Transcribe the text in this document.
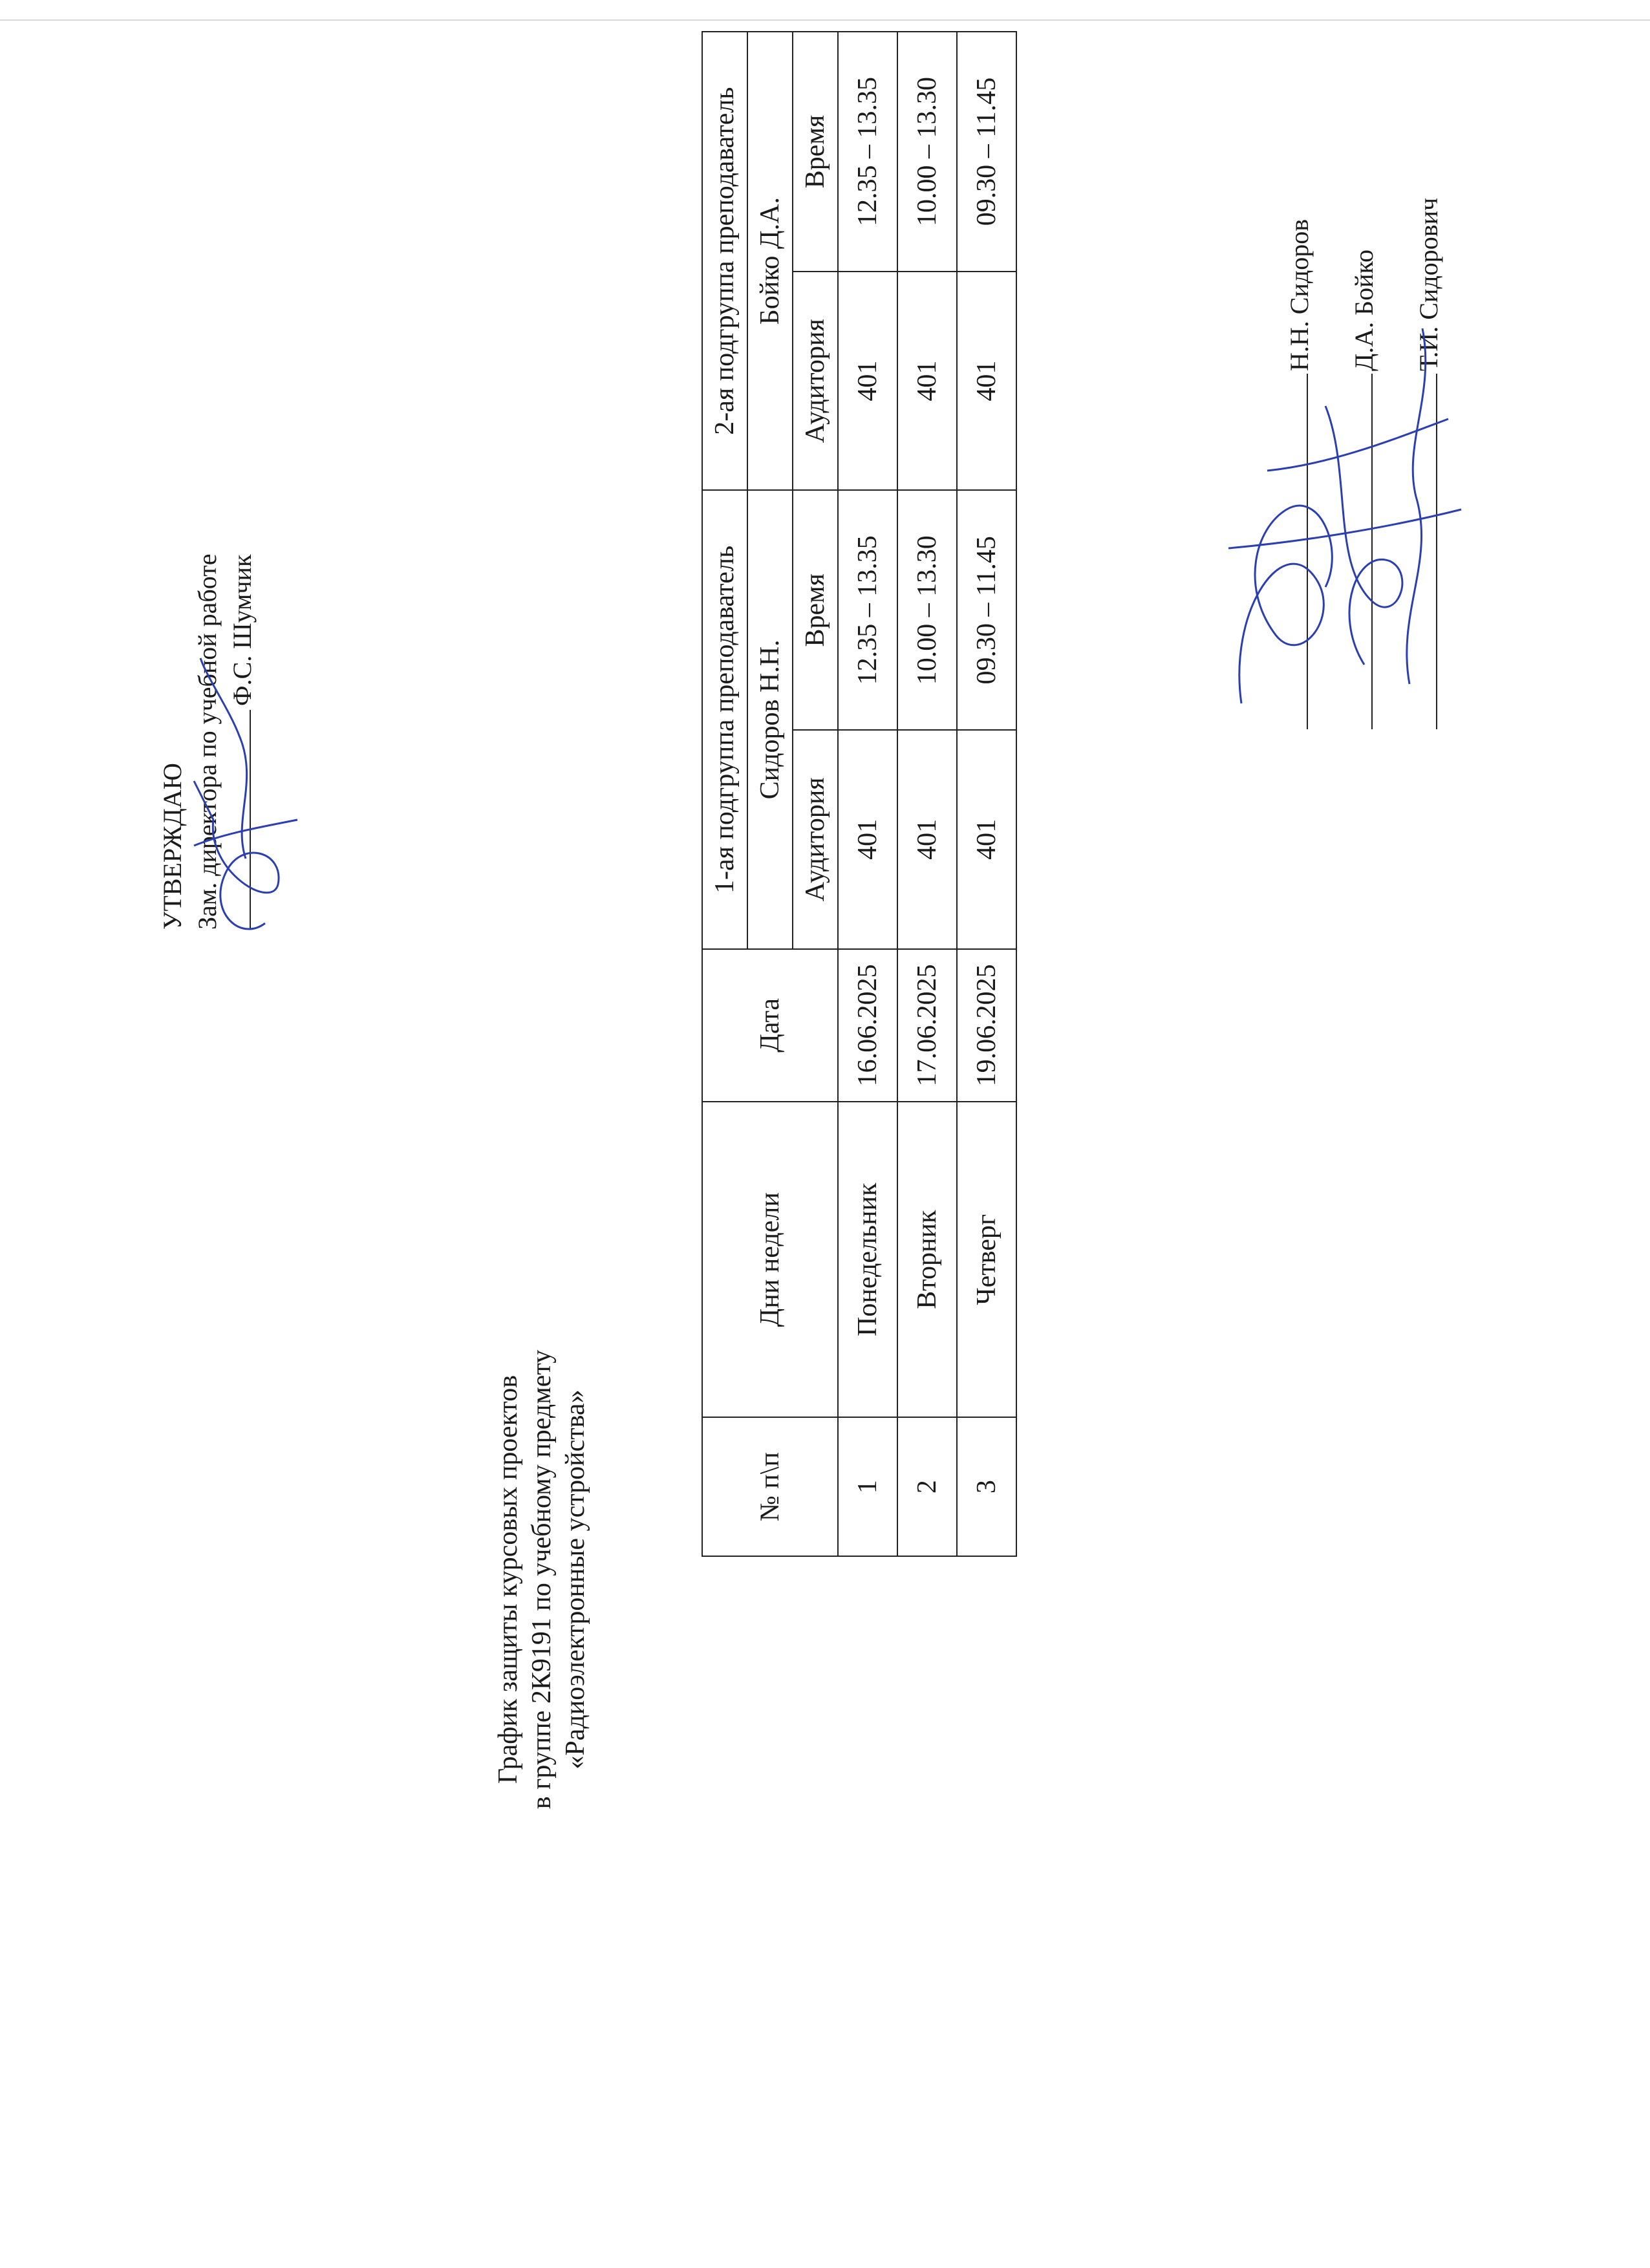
УТВЕРЖДАЮ Зам. директора по учебной работе Ф.С. Шумчик
График защиты курсовых проектов в группе 2К9191 по учебному предмету «Радиоэлектронные устройства»	№ п\п	Дни недели	Дата	1-ая подгруппа преподаватель		2-ая подгруппа преподаватель	
			Сидоров Н.Н.		Бойко Д.А.	
			Аудитория	Время	Аудитория	Время
1	Понедельник	16.06.2025	401	12.35 – 13.35	401	12.35 – 13.35
2	Вторник	17.06.2025	401	10.00 – 13.30	401	10.00 – 13.30
3	Четверг	19.06.2025	401	09.30 – 11.45	401	09.30 – 11.45
Н.Н. Сидоров	Д.А. Бойко	Т.И. Сидорович
